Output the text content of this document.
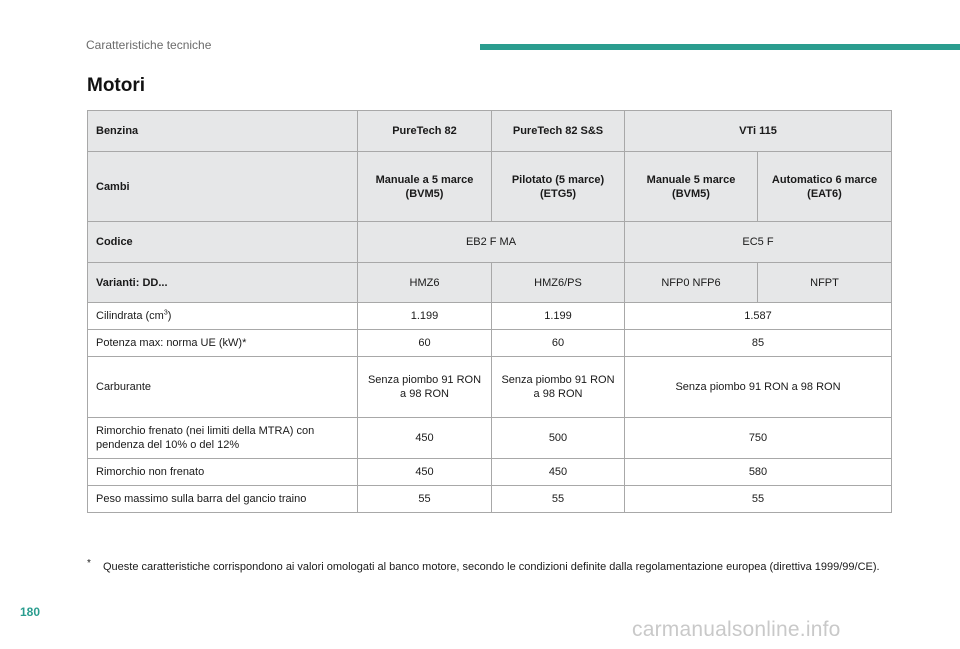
Caratteristiche tecniche
Motori
Benzina	PureTech 82	PureTech 82 S&S	VTi 115	
Cambi	Manuale a 5 marce (BVM5)	Pilotato (5 marce) (ETG5)	Manuale 5 marce (BVM5)	Automatico 6 marce (EAT6)
Codice	EB2 F MA		EC5 F	
Varianti: DD...	HMZ6	HMZ6/PS	NFP0 NFP6	NFPT
Cilindrata $(cm^3)$	1.199	1.199	1.587	
Potenza max: norma UE (kW)*	60	60	85	
Carburante	Senza piombo 91 RON a 98 RON	Senza piombo 91 RON a 98 RON	Senza piombo 91 RON a 98 RON	
Rimorchio frenato (nei limiti della MTRA) con pendenza del 10% o del 12%	450	500	750	
Rimorchio non frenato	450	450	580	
Peso massimo sulla barra del gancio traino	55	55	55	
*	Queste caratteristiche corrispondono ai valori omologati al banco motore, secondo le condizioni definite dalla regolamentazione europea (direttiva 1999/99/CE).
180
carmanualsonline.info
